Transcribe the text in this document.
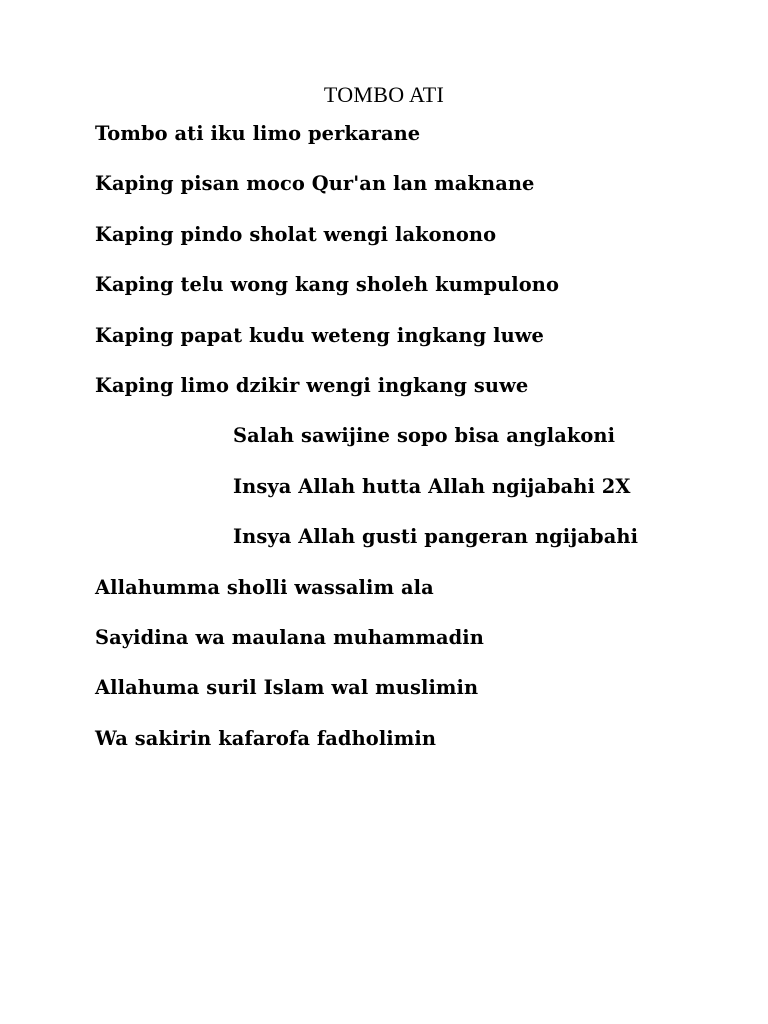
TOMBO ATI
Tombo ati iku limo perkarane
Kaping pisan moco Qur'an lan maknane
Kaping pindo sholat wengi lakonono
Kaping telu wong kang sholeh kumpulono
Kaping papat kudu weteng ingkang luwe
Kaping limo dzikir wengi ingkang suwe
Salah sawijine sopo bisa anglakoni
Insya Allah hutta Allah ngijabahi 2X
Insya Allah gusti pangeran ngijabahi
Allahumma sholli wassalim ala
Sayidina wa maulana muhammadin
Allahuma suril Islam wal muslimin
Wa sakirin kafarofa fadholimin
